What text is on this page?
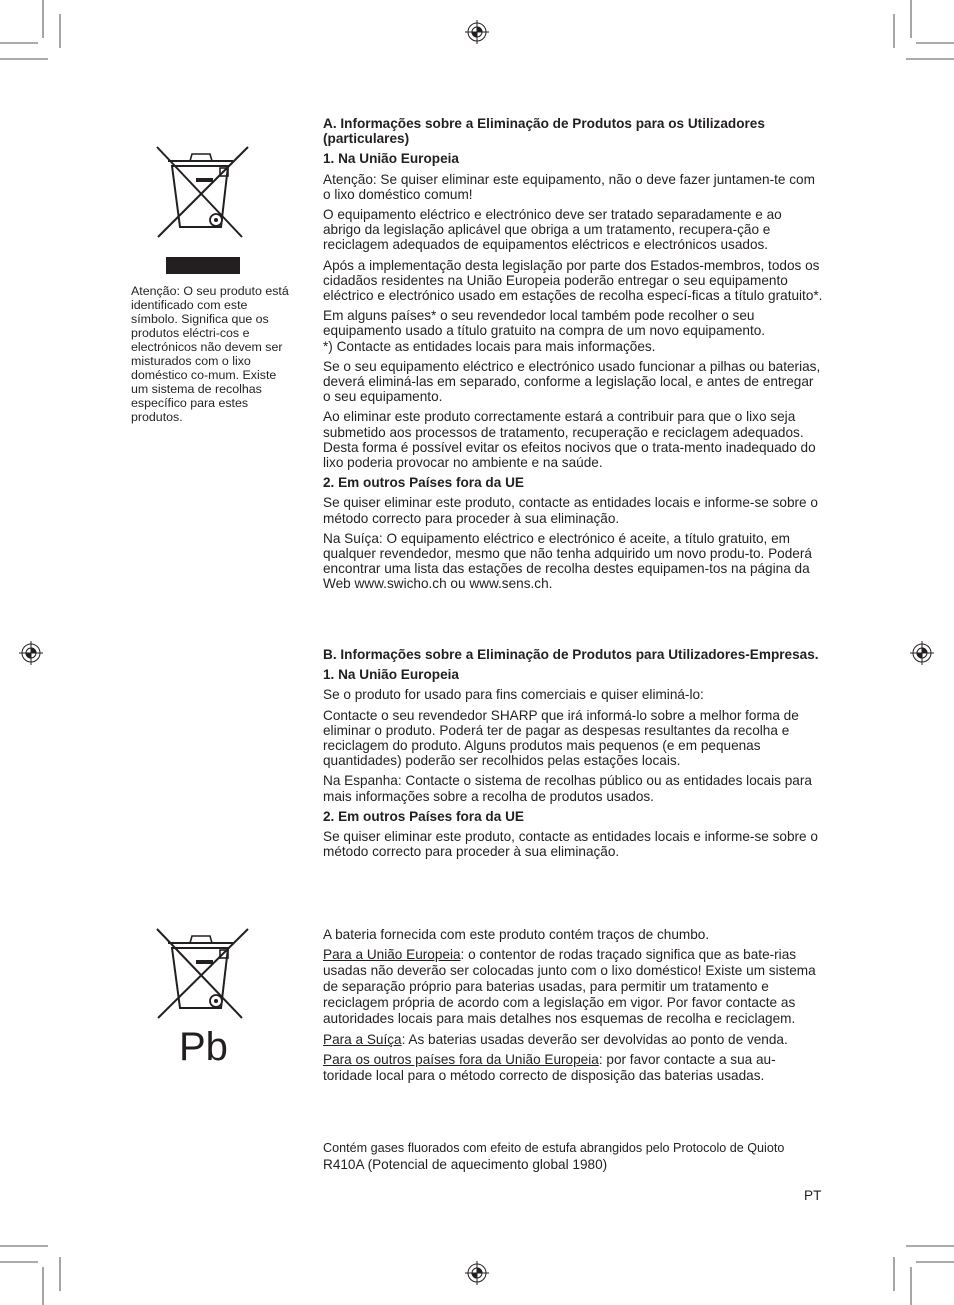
Atenção: O seu produto está identificado com este símbolo. Significa que os produtos eléctri-cos e electrónicos não devem ser misturados com o lixo doméstico co-mum. Existe um sistema de recolhas específico para estes produtos.
Pb
A. Informações sobre a Eliminação de Produtos para os Utilizadores (particulares)
1. Na União Europeia

Atenção: Se quiser eliminar este equipamento, não o deve fazer juntamen-te com o lixo doméstico comum!

O equipamento eléctrico e electrónico deve ser tratado separadamente e ao abrigo da legislação aplicável que obriga a um tratamento, recupera-ção e reciclagem adequados de equipamentos eléctricos e electrónicos usados.

Após a implementação desta legislação por parte dos Estados-membros, todos os cidadãos residentes na União Europeia poderão entregar o seu equipamento eléctrico e electrónico usado em estações de recolha especí-ficas a título gratuito*.

Em alguns países* o seu revendedor local também pode recolher o seu equipamento usado a título gratuito na compra de um novo equipamento.

*) Contacte as entidades locais para mais informações.

Se o seu equipamento eléctrico e electrónico usado funcionar a pilhas ou baterias, deverá eliminá-las em separado, conforme a legislação local, e antes de entregar o seu equipamento.

Ao eliminar este produto correctamente estará a contribuir para que o lixo seja submetido aos processos de tratamento, recuperação e reciclagem adequados. Desta forma é possível evitar os efeitos nocivos que o trata-mento inadequado do lixo poderia provocar no ambiente e na saúde.

2. Em outros Países fora da UE

Se quiser eliminar este produto, contacte as entidades locais e informe-se sobre o método correcto para proceder à sua eliminação.

Na Suíça: O equipamento eléctrico e electrónico é aceite, a título gratuito, em qualquer revendedor, mesmo que não tenha adquirido um novo produ-to. Poderá encontrar uma lista das estações de recolha destes equipamen-tos na página da Web www.swicho.ch ou www.sens.ch.

B. Informações sobre a Eliminação de Produtos para Utilizadores-Empresas.
1. Na União Europeia

Se o produto for usado para fins comerciais e quiser eliminá-lo:

Contacte o seu revendedor SHARP que irá informá-lo sobre a melhor forma de eliminar o produto. Poderá ter de pagar as despesas resultantes da recolha e reciclagem do produto. Alguns produtos mais pequenos (e em pequenas quantidades) poderão ser recolhidos pelas estações locais.

Na Espanha: Contacte o sistema de recolhas público ou as entidades locais para mais informações sobre a recolha de produtos usados.

2. Em outros Países fora da UE

Se quiser eliminar este produto, contacte as entidades locais e informe-se sobre o método correcto para proceder à sua eliminação.

A bateria fornecida com este produto contém traços de chumbo.

Para a União Europeia: o contentor de rodas traçado significa que as bate-rias usadas não deverão ser colocadas junto com o lixo doméstico! Existe um sistema de separação próprio para baterias usadas, para permitir um tratamento e reciclagem própria de acordo com a legislação em vigor. Por favor contacte as autoridades locais para mais detalhes nos esquemas de recolha e reciclagem.

Para a Suíça: As baterias usadas deverão ser devolvidas ao ponto de venda.

Para os outros países fora da União Europeia: por favor contacte a sua au-toridade local para o método correcto de disposição das baterias usadas.

Contém gases fluorados com efeito de estufa abrangidos pelo Protocolo de Quioto
R410A (Potencial de aquecimento global 1980)
PT
